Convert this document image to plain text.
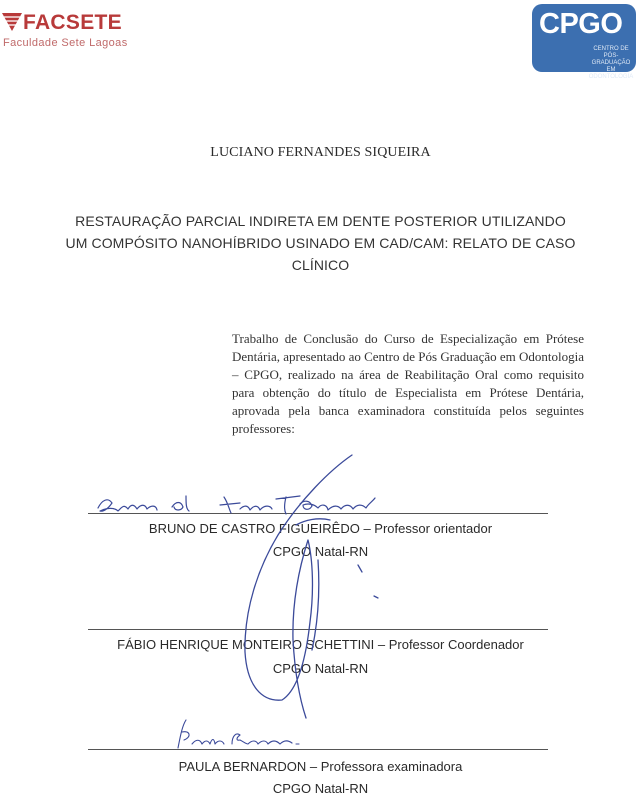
FACSETE
Faculdade Sete Lagoas
CPGO
CENTRO DE
PÓS-GRADUAÇÃO
EM ODONTOLOGIA
LUCIANO FERNANDES SIQUEIRA
RESTAURAÇÃO PARCIAL INDIRETA EM DENTE POSTERIOR UTILIZANDO
UM COMPÓSITO NANOHÍBRIDO USINADO EM CAD/CAM: RELATO DE CASO
CLÍNICO
Trabalho de Conclusão do Curso de Especialização em Prótese Dentária, apresentado ao Centro de Pós Graduação em Odontologia – CPGO, realizado na área de Reabilitação Oral como requisito para obtenção do título de Especialista em Prótese Dentária, aprovada pela banca examinadora constituída pelos seguintes professores:
BRUNO DE CASTRO FIGUEIRÊDO – Professor orientador
CPGO Natal-RN
FÁBIO HENRIQUE MONTEIRO SCHETTINI – Professor Coordenador
CPGO Natal-RN
PAULA BERNARDON – Professora examinadora
CPGO Natal-RN
